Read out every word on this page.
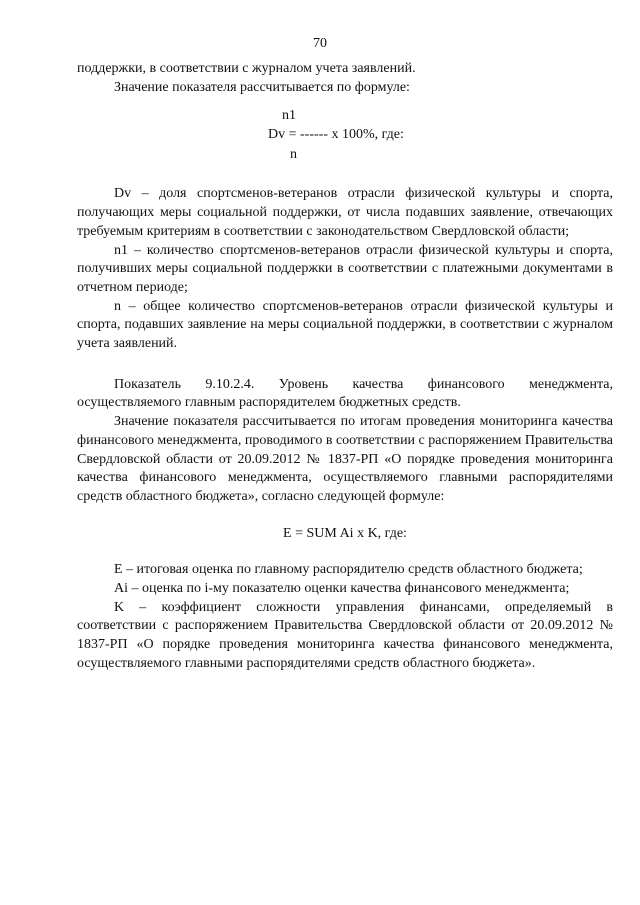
70

поддержки, в соответствии с журналом учета заявлений.

Значение показателя рассчитывается по формуле:

n1
Dv = ------ x 100%, где:
n

Dv – доля спортсменов-ветеранов отрасли физической культуры и спорта, получающих меры социальной поддержки, от числа подавших заявление, отвечающих требуемым критериям в соответствии с законодательством Свердловской области;

n1 – количество спортсменов-ветеранов отрасли физической культуры и спорта, получивших меры социальной поддержки в соответствии с платежными документами в отчетном периоде;

n – общее количество спортсменов-ветеранов отрасли физической культуры и спорта, подавших заявление на меры социальной поддержки, в соответствии с журналом учета заявлений.

Показатель 9.10.2.4. Уровень качества финансового менеджмента, осуществляемого главным распорядителем бюджетных средств.

Значение показателя рассчитывается по итогам проведения мониторинга качества финансового менеджмента, проводимого в соответствии с распоряжением Правительства Свердловской области от 20.09.2012 № 1837-РП «О порядке проведения мониторинга качества финансового менеджмента, осуществляемого главными распорядителями средств областного бюджета», согласно следующей формуле:

E = SUM Ai x K, где:

E – итоговая оценка по главному распорядителю средств областного бюджета;

Ai – оценка по i-му показателю оценки качества финансового менеджмента;

K – коэффициент сложности управления финансами, определяемый в соответствии с распоряжением Правительства Свердловской области от 20.09.2012 № 1837-РП «О порядке проведения мониторинга качества финансового менеджмента, осуществляемого главными распорядителями средств областного бюджета».
